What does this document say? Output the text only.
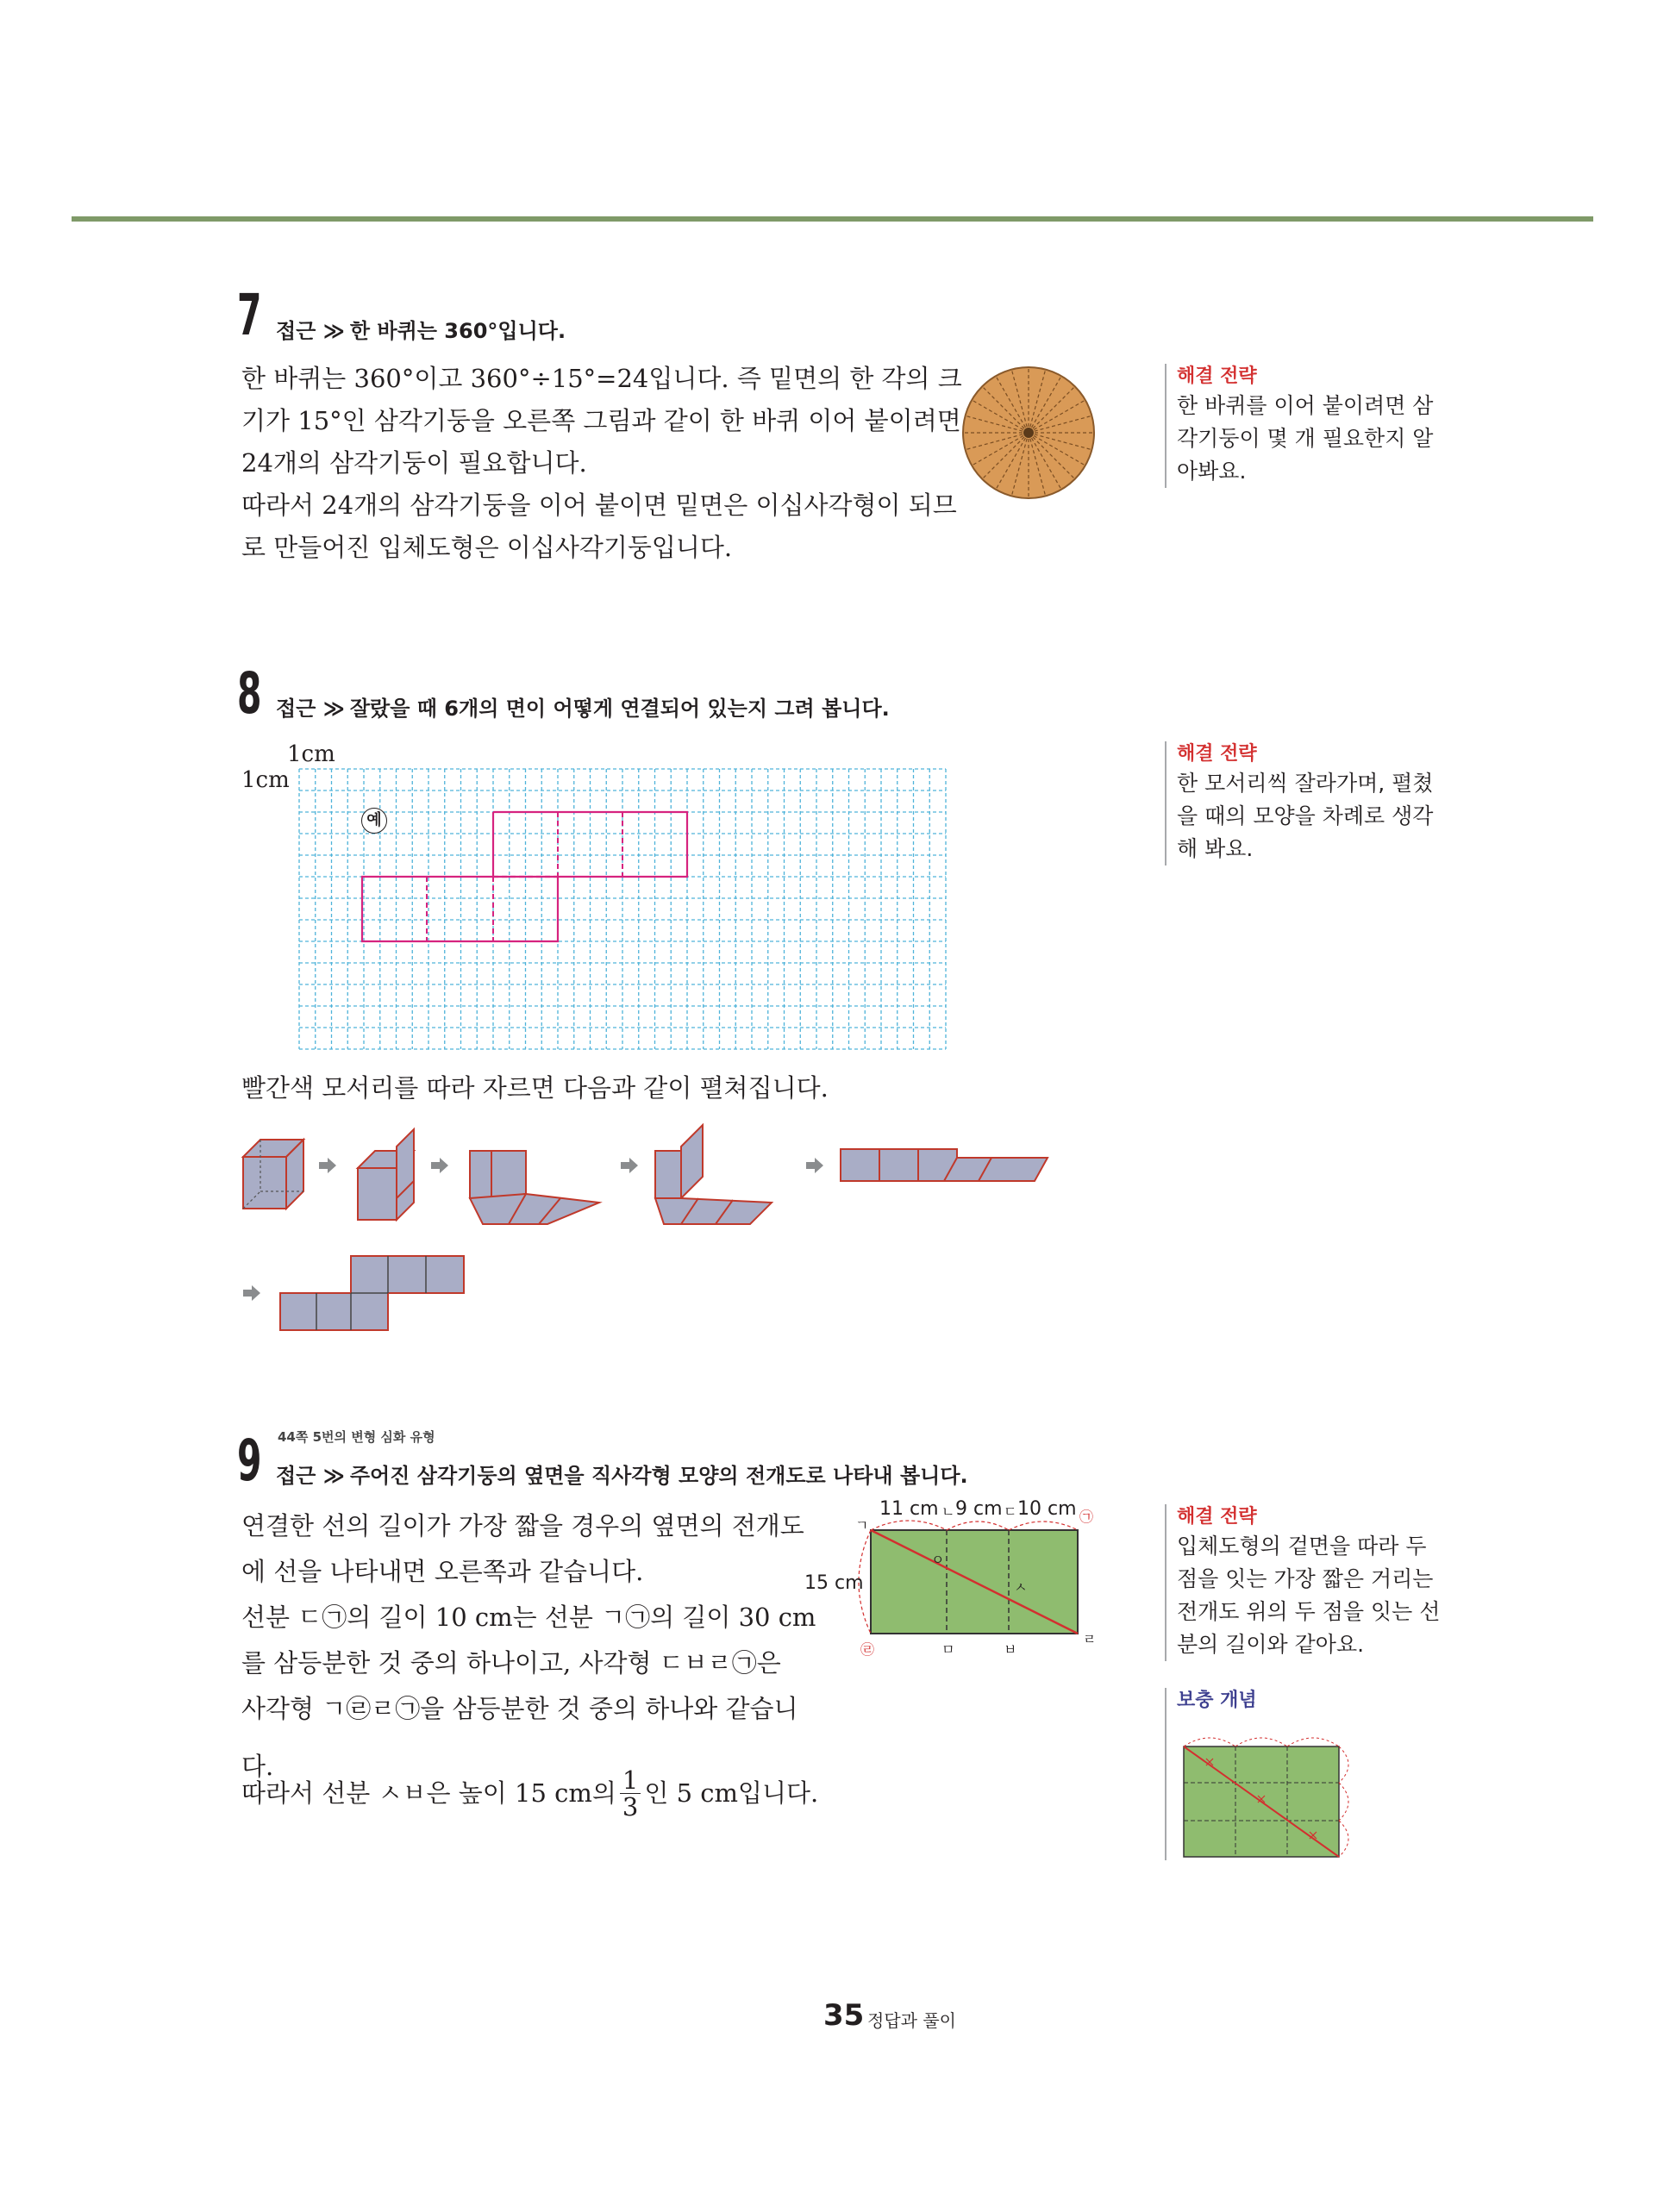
7 접근 ≫ 한 바퀴는 360°입니다.
한 바퀴는 360°이고 360°÷15°=24입니다. 즉 밑면의 한 각의 크
기가 15°인 삼각기둥을 오른쪽 그림과 같이 한 바퀴 이어 붙이려면
24개의 삼각기둥이 필요합니다.
따라서 24개의 삼각기둥을 이어 붙이면 밑면은 이십사각형이 되므
로 만들어진 입체도형은 이십사각기둥입니다.
해결 전략
한 바퀴를 이어 붙이려면 삼
각기둥이 몇 개 필요한지 알
아봐요.
8 접근 ≫ 잘랐을 때 6개의 면이 어떻게 연결되어 있는지 그려 봅니다.
1cm
1cm
예
해결 전략
한 모서리씩 잘라가며, 펼쳤
을 때의 모양을 차례로 생각
해 봐요.
빨간색 모서리를 따라 자르면 다음과 같이 펼쳐집니다.
44쪽 5번의 변형 심화 유형
9 접근 ≫ 주어진 삼각기둥의 옆면을 직사각형 모양의 전개도로 나타내 봅니다.
연결한 선의 길이가 가장 짧을 경우의 옆면의 전개도
에 선을 나타내면 오른쪽과 같습니다.
선분 ㄷ㉠의 길이 10 cm는 선분 ㄱ㉠의 길이 30 cm
를 삼등분한 것 중의 하나이고, 사각형 ㄷㅂㄹ㉠은
사각형 ㄱ㉣ㄹ㉠을 삼등분한 것 중의 하나와 같습니
다.
따라서 선분 ㅅㅂ은 높이 15 cm의 $\frac{1}{3}$ 인 5 cm입니다.
11 cm ㄴ 9 cm ㄷ 10 cm
15 cm
ㄱ
㉠
㉣
ㄹ
ㅁ	ㅂ
ㅇ
ㅅ
해결 전략
입체도형의 겉면을 따라 두
점을 잇는 가장 짧은 거리는
전개도 위의 두 점을 잇는 선
분의 길이와 같아요.
보충 개념
35 정답과 풀이
